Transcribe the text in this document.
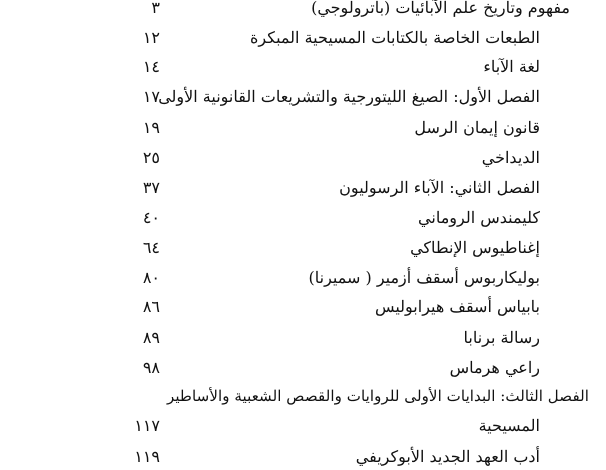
مفهوم وتاريخ علم الآبائيات (باترولوجي)
٣
الطبعات الخاصة بالكتابات المسيحية المبكرة
١٢
لغة الآباء
١٤
الفصل الأول: الصيغ الليتورجية والتشريعات القانونية الأولى
١٧
قانون إيمان الرسل
١٩
الديداخي
٢٥
الفصل الثاني: الآباء الرسوليون
٣٧
كليمندس الروماني
٤٠
إغناطيوس الإنطاكي
٦٤
بوليكاربوس أسقف أزمير ( سميرنا)
٨٠
بابياس أسقف هيرابوليس
٨٦
رسالة برنابا
٨٩
راعي هرماس
٩٨
الفصل الثالث: البدايات الأولى للروايات والقصص الشعبية والأساطير
المسيحية
١١٧
أدب العهد الجديد الأبوكريفي
١١٩
